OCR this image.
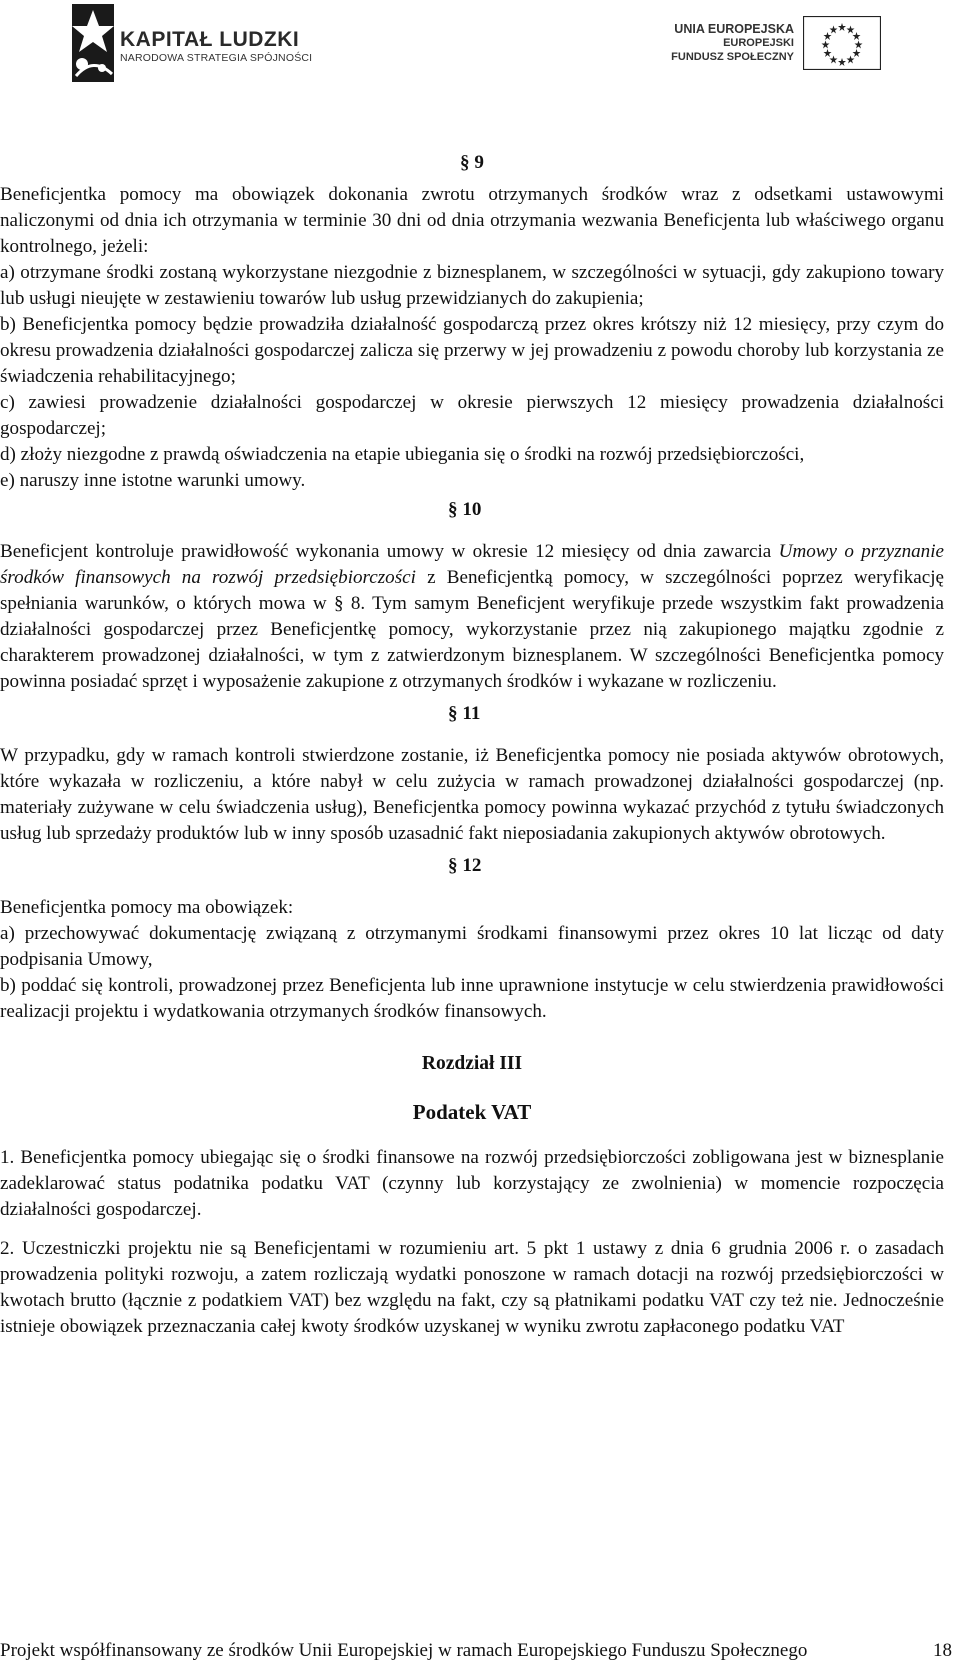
KAPITAŁ LUDZKI
NARODOWA STRATEGIA SPÓJNOŚCI
UNIA EUROPEJSKA
EUROPEJSKI
FUNDUSZ SPOŁECZNY
§ 9

Beneficjentka pomocy ma obowiązek dokonania zwrotu otrzymanych środków wraz z odsetkami ustawowymi naliczonymi od dnia ich otrzymania w terminie 30 dni od dnia otrzymania wezwania Beneficjenta lub właściwego organu kontrolnego, jeżeli:

a) otrzymane środki zostaną wykorzystane niezgodnie z biznesplanem, w szczególności w sytuacji, gdy zakupiono towary lub usługi nieujęte w zestawieniu towarów lub usług przewidzianych do zakupienia;

b) Beneficjentka pomocy będzie prowadziła działalność gospodarczą przez okres krótszy niż 12 miesięcy, przy czym do okresu prowadzenia działalności gospodarczej zalicza się przerwy w jej prowadzeniu z powodu choroby lub korzystania ze świadczenia rehabilitacyjnego;

c) zawiesi prowadzenie działalności gospodarczej w okresie pierwszych 12 miesięcy prowadzenia działalności gospodarczej;

d) złoży niezgodne z prawdą oświadczenia na etapie ubiegania się o środki na rozwój przedsiębiorczości,

e) naruszy inne istotne warunki umowy.

§ 10

Beneficjent kontroluje prawidłowość wykonania umowy w okresie 12 miesięcy od dnia zawarcia Umowy o przyznanie środków finansowych na rozwój przedsiębiorczości z Beneficjentką pomocy, w szczególności poprzez weryfikację spełniania warunków, o których mowa w § 8. Tym samym Beneficjent weryfikuje przede wszystkim fakt prowadzenia działalności gospodarczej przez Beneficjentkę pomocy, wykorzystanie przez nią zakupionego majątku zgodnie z charakterem prowadzonej działalności, w tym z zatwierdzonym biznesplanem. W szczególności Beneficjentka pomocy powinna posiadać sprzęt i wyposażenie zakupione z otrzymanych środków i wykazane w rozliczeniu.

§ 11

W przypadku, gdy w ramach kontroli stwierdzone zostanie, iż Beneficjentka pomocy nie posiada aktywów obrotowych, które wykazała w rozliczeniu, a które nabył w celu zużycia w ramach prowadzonej działalności gospodarczej (np. materiały zużywane w celu świadczenia usług), Beneficjentka pomocy powinna wykazać przychód z tytułu świadczonych usług lub sprzedaży produktów lub w inny sposób uzasadnić fakt nieposiadania zakupionych aktywów obrotowych.

§ 12

Beneficjentka pomocy ma obowiązek:

a) przechowywać dokumentację związaną z otrzymanymi środkami finansowymi przez okres 10 lat licząc od daty podpisania Umowy,

b) poddać się kontroli, prowadzonej przez Beneficjenta lub inne uprawnione instytucje w celu stwierdzenia prawidłowości realizacji projektu i wydatkowania otrzymanych środków finansowych.

Rozdział III
Podatek VAT

1. Beneficjentka pomocy ubiegając się o środki finansowe na rozwój przedsiębiorczości zobligowana jest w biznesplanie zadeklarować status podatnika podatku VAT (czynny lub korzystający ze zwolnienia) w momencie rozpoczęcia działalności gospodarczej.

2. Uczestniczki projektu nie są Beneficjentami w rozumieniu art. 5 pkt 1 ustawy z dnia 6 grudnia 2006 r. o zasadach prowadzenia polityki rozwoju, a zatem rozliczają wydatki ponoszone w ramach dotacji na rozwój przedsiębiorczości w kwotach brutto (łącznie z podatkiem VAT) bez względu na fakt, czy są płatnikami podatku VAT czy też nie. Jednocześnie istnieje obowiązek przeznaczania całej kwoty środków uzyskanej w wyniku zwrotu zapłaconego podatku VAT

Projekt współfinansowany ze środków Unii Europejskiej w ramach Europejskiego Funduszu Społecznego	18
